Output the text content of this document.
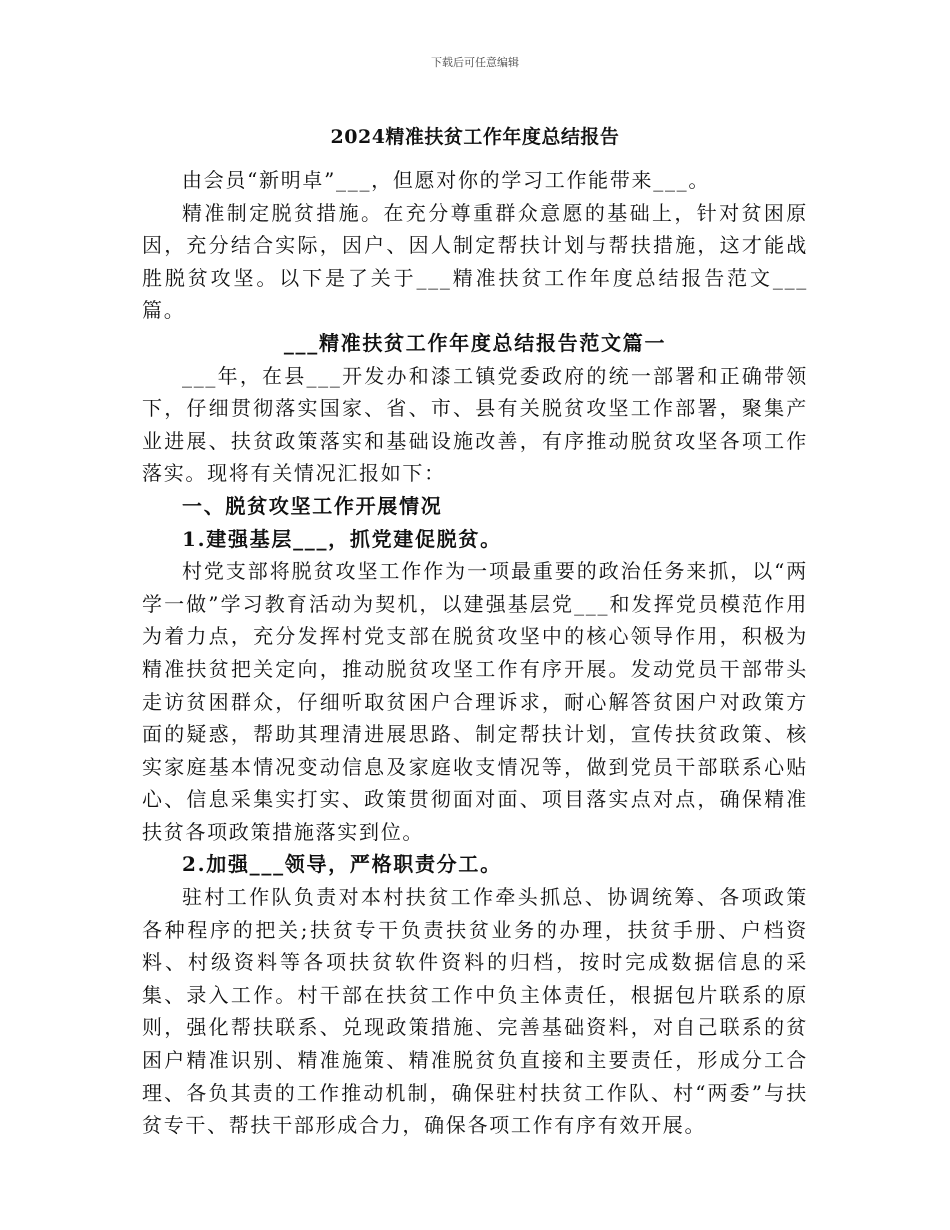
下载后可任意编辑
2024精准扶贫工作年度总结报告

由会员“新明卓”___，但愿对你的学习工作能带来___。

精准制定脱贫措施。在充分尊重群众意愿的基础上，针对贫困原因，充分结合实际，因户、因人制定帮扶计划与帮扶措施，这才能战胜脱贫攻坚。以下是了关于___精准扶贫工作年度总结报告范文___篇。

___精准扶贫工作年度总结报告范文篇一

___年，在县___开发办和漆工镇党委政府的统一部署和正确带领下，仔细贯彻落实国家、省、市、县有关脱贫攻坚工作部署，聚集产业进展、扶贫政策落实和基础设施改善，有序推动脱贫攻坚各项工作落实。现将有关情况汇报如下：

一、脱贫攻坚工作开展情况

1.建强基层___，抓党建促脱贫。

村党支部将脱贫攻坚工作作为一项最重要的政治任务来抓，以“两学一做”学习教育活动为契机，以建强基层党___和发挥党员模范作用为着力点，充分发挥村党支部在脱贫攻坚中的核心领导作用，积极为精准扶贫把关定向，推动脱贫攻坚工作有序开展。发动党员干部带头走访贫困群众，仔细听取贫困户合理诉求，耐心解答贫困户对政策方面的疑惑，帮助其理清进展思路、制定帮扶计划，宣传扶贫政策、核实家庭基本情况变动信息及家庭收支情况等，做到党员干部联系心贴心、信息采集实打实、政策贯彻面对面、项目落实点对点，确保精准扶贫各项政策措施落实到位。

2.加强___领导，严格职责分工。

驻村工作队负责对本村扶贫工作牵头抓总、协调统筹、各项政策各种程序的把关;扶贫专干负责扶贫业务的办理，扶贫手册、户档资料、村级资料等各项扶贫软件资料的归档，按时完成数据信息的采集、录入工作。村干部在扶贫工作中负主体责任，根据包片联系的原则，强化帮扶联系、兑现政策措施、完善基础资料，对自己联系的贫困户精准识别、精准施策、精准脱贫负直接和主要责任，形成分工合理、各负其责的工作推动机制，确保驻村扶贫工作队、村“两委”与扶贫专干、帮扶干部形成合力，确保各项工作有序有效开展。
